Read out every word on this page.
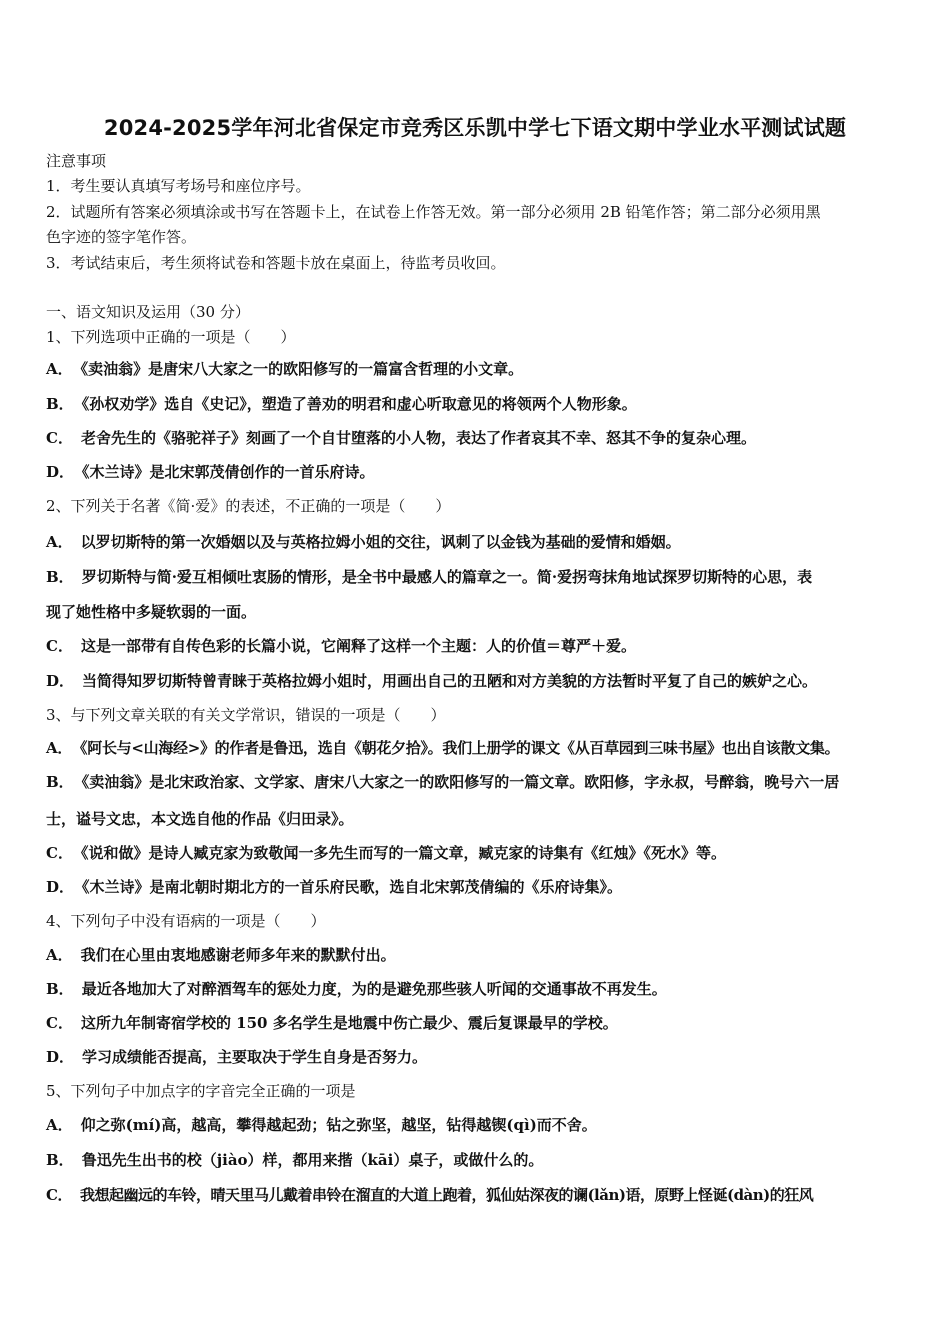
2024-2025学年河北省保定市竞秀区乐凯中学七下语文期中学业水平测试试题
注意事项
1．考生要认真填写考场号和座位序号。
2．试题所有答案必须填涂或书写在答题卡上，在试卷上作答无效。第一部分必须用 2B 铅笔作答；第二部分必须用黑
色字迹的签字笔作答。
3．考试结束后，考生须将试卷和答题卡放在桌面上，待监考员收回。
一、语文知识及运用（30 分）
1、下列选项中正确的一项是（　　）
A． 《卖油翁》是唐宋八大家之一的欧阳修写的一篇富含哲理的小文章。
B． 《孙权劝学》选自《史记》，塑造了善劝的明君和虚心听取意见的将领两个人物形象。
C． 老舍先生的《骆驼祥子》刻画了一个自甘堕落的小人物，表达了作者哀其不幸、怒其不争的复杂心理。
D． 《木兰诗》是北宋郭茂倩创作的一首乐府诗。
2、下列关于名著《简·爱》的表述，不正确的一项是（　　）
A． 以罗切斯特的第一次婚姻以及与英格拉姆小姐的交往，讽刺了以金钱为基础的爱情和婚姻。
B． 罗切斯特与简·爱互相倾吐衷肠的情形，是全书中最感人的篇章之一。简·爱拐弯抹角地试探罗切斯特的心思，表
现了她性格中多疑软弱的一面。
C． 这是一部带有自传色彩的长篇小说，它阐释了这样一个主题：人的价值＝尊严＋爱。
D． 当简得知罗切斯特曾青睐于英格拉姆小姐时，用画出自己的丑陋和对方美貌的方法暂时平复了自己的嫉妒之心。
3、与下列文章关联的有关文学常识，错误的一项是（　　）
A． 《阿长与<山海经>》的作者是鲁迅，选自《朝花夕拾》。我们上册学的课文《从百草园到三味书屋》也出自该散文集。
B． 《卖油翁》是北宋政治家、文学家、唐宋八大家之一的欧阳修写的一篇文章。欧阳修，字永叔，号醉翁，晚号六一居
士，谥号文忠，本文选自他的作品《归田录》。
C． 《说和做》是诗人臧克家为致敬闻一多先生而写的一篇文章，臧克家的诗集有《红烛》《死水》等。
D． 《木兰诗》是南北朝时期北方的一首乐府民歌，选自北宋郭茂倩编的《乐府诗集》。
4、下列句子中没有语病的一项是（　　）
A． 我们在心里由衷地感谢老师多年来的默默付出。
B． 最近各地加大了对醉酒驾车的惩处力度，为的是避免那些骇人听闻的交通事故不再发生。
C． 这所九年制寄宿学校的 150 多名学生是地震中伤亡最少、震后复课最早的学校。
D． 学习成绩能否提高，主要取决于学生自身是否努力。
5、下列句子中加点字的字音完全正确的一项是
A． 仰之弥(mí)高，越高，攀得越起劲；钻之弥坚，越坚，钻得越锲(qì)而不舍。
B． 鲁迅先生出书的校（jiào）样，都用来揩（kāi）桌子，或做什么的。
C． 我想起幽远的车铃，晴天里马儿戴着串铃在溜直的大道上跑着，狐仙姑深夜的谰(lǎn)语，原野上怪诞(dàn)的狂风
